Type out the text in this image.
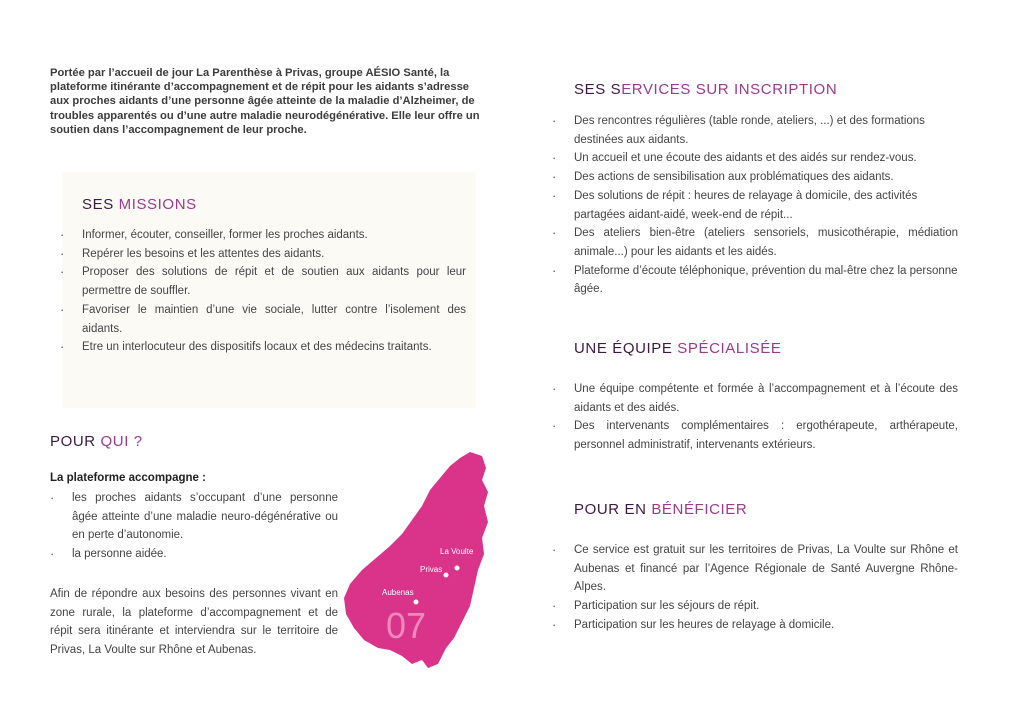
Portée par l’accueil de jour La Parenthèse à Privas, groupe AÉSIO Santé, la plateforme itinérante d’accompagnement et de répit pour les aidants s’adresse aux proches aidants d’une personne âgée atteinte de la maladie d’Alzheimer, de troubles apparentés ou d’une autre maladie neurodégénérative. Elle leur offre un soutien dans l’accompagnement de leur proche.
SES MISSIONS
· Informer, écouter, conseiller, former les proches aidants.
· Repérer les besoins et les attentes des aidants.
· Proposer des solutions de répit et de soutien aux aidants pour leur permettre de souffler.
· Favoriser le maintien d’une vie sociale, lutter contre l’isolement des aidants.
· Etre un interlocuteur des dispositifs locaux et des médecins traitants.
POUR QUI ?
La plateforme accompagne :
· les proches aidants s’occupant d’une personne âgée atteinte d’une maladie neuro-dégénérative ou en perte d’autonomie.
· la personne aidée.
Afin de répondre aux besoins des personnes vivant en zone rurale, la plateforme d’accompagnement et de répit sera itinérante et interviendra sur le territoire de Privas, La Voulte sur Rhône et Aubenas.
La Voulte
Privas
Aubenas
07
SES SERVICES SUR INSCRIPTION
· Des rencontres régulières (table ronde, ateliers, ...) et des formations destinées aux aidants.
· Un accueil et une écoute des aidants et des aidés sur rendez-vous.
· Des actions de sensibilisation aux problématiques des aidants.
· Des solutions de répit : heures de relayage à domicile, des activités partagées aidant-aidé, week-end de répit...
· Des ateliers bien-être (ateliers sensoriels, musicothérapie, médiation animale...) pour les aidants et les aidés.
· Plateforme d’écoute téléphonique, prévention du mal-être chez la personne âgée.
UNE ÉQUIPE SPÉCIALISÉE
· Une équipe compétente et formée à l’accompagnement et à l’écoute des aidants et des aidés.
· Des intervenants complémentaires : ergothérapeute, arthérapeute, personnel administratif, intervenants extérieurs.
POUR EN BÉNÉFICIER
· Ce service est gratuit sur les territoires de Privas, La Voulte sur Rhône et Aubenas et financé par l’Agence Régionale de Santé Auvergne Rhône-Alpes.
· Participation sur les séjours de répit.
· Participation sur les heures de relayage à domicile.
